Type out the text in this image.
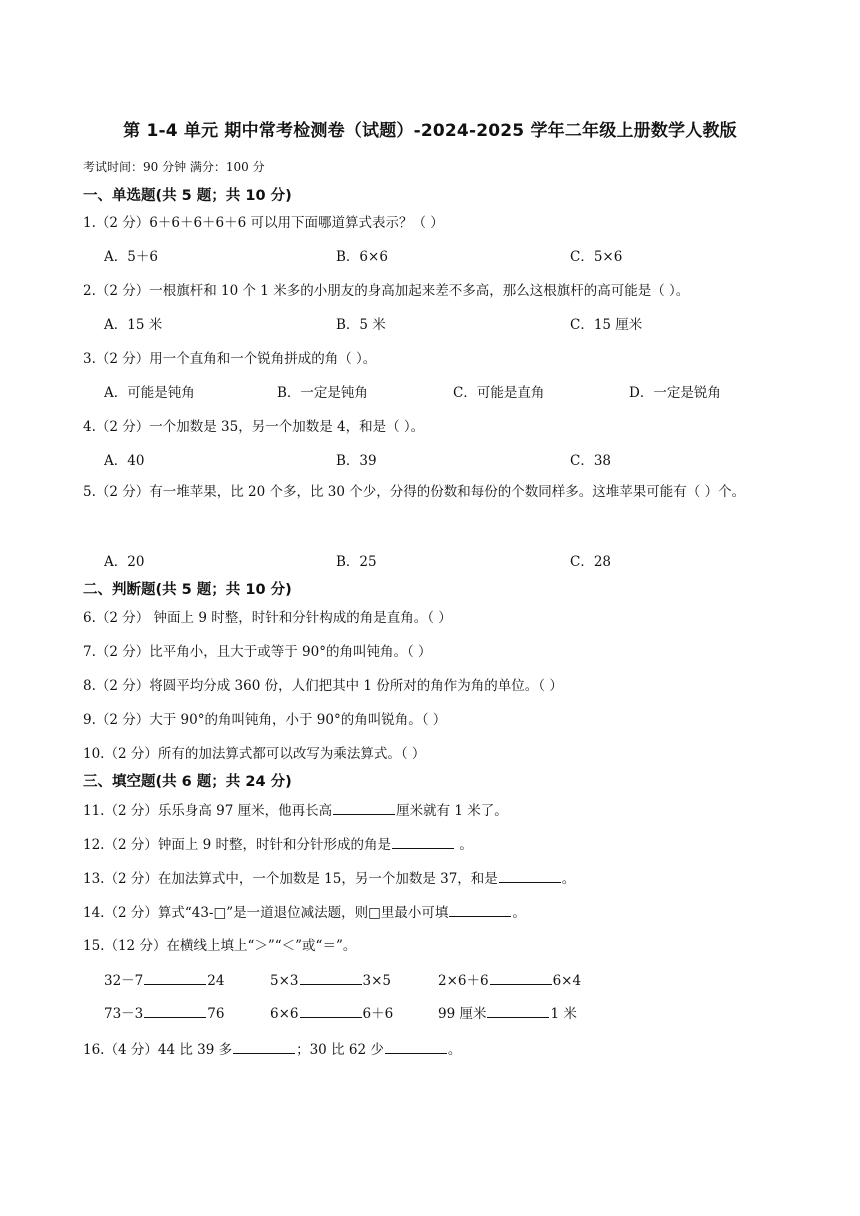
第 1-4 单元 期中常考检测卷（试题）-2024-2025 学年二年级上册数学人教版
考试时间：90 分钟 满分：100 分
一、单选题(共 5 题；共 10 分)
1.（2 分）6＋6＋6＋6＋6 可以用下面哪道算式表示？（ ）
A．5＋6	B．6×6	C．5×6
2.（2 分）一根旗杆和 10 个 1 米多的小朋友的身高加起来差不多高，那么这根旗杆的高可能是（ ）。
A．15 米	B．5 米	C．15 厘米
3.（2 分）用一个直角和一个锐角拼成的角（ ）。
A．可能是钝角	B．一定是钝角	C．可能是直角	D．一定是锐角
4.（2 分）一个加数是 35，另一个加数是 4，和是（ ）。
A．40	B．39	C．38
5.（2 分）有一堆苹果，比 20 个多，比 30 个少，分得的份数和每份的个数同样多。这堆苹果可能有（ ）个。
A．20	B．25	C．28
二、判断题(共 5 题；共 10 分)
6.（2 分） 钟面上 9 时整，时针和分针构成的角是直角。（ ）
7.（2 分）比平角小，且大于或等于 90°的角叫钝角。（ ）
8.（2 分）将圆平均分成 360 份，人们把其中 1 份所对的角作为角的单位。（ ）
9.（2 分）大于 90°的角叫钝角，小于 90°的角叫锐角。（ ）
10.（2 分）所有的加法算式都可以改写为乘法算式。（ ）
三、填空题(共 6 题；共 24 分)
11.（2 分）乐乐身高 97 厘米，他再长高	厘米就有 1 米了。
12.（2 分）钟面上 9 时整，时针和分针形成的角是	。
13.（2 分）在加法算式中，一个加数是 15，另一个加数是 37，和是	。
14.（2 分）算式“43-□”是一道退位减法题，则□里最小可填	。
15.（12 分）在横线上填上“＞”“＜”或“＝”。
32－7	24	5×3	3×5	2×6＋6	6×4
73－3	76	6×6	6＋6	99 厘米	1 米
16.（4 分）44 比 39 多	；30 比 62 少	。
